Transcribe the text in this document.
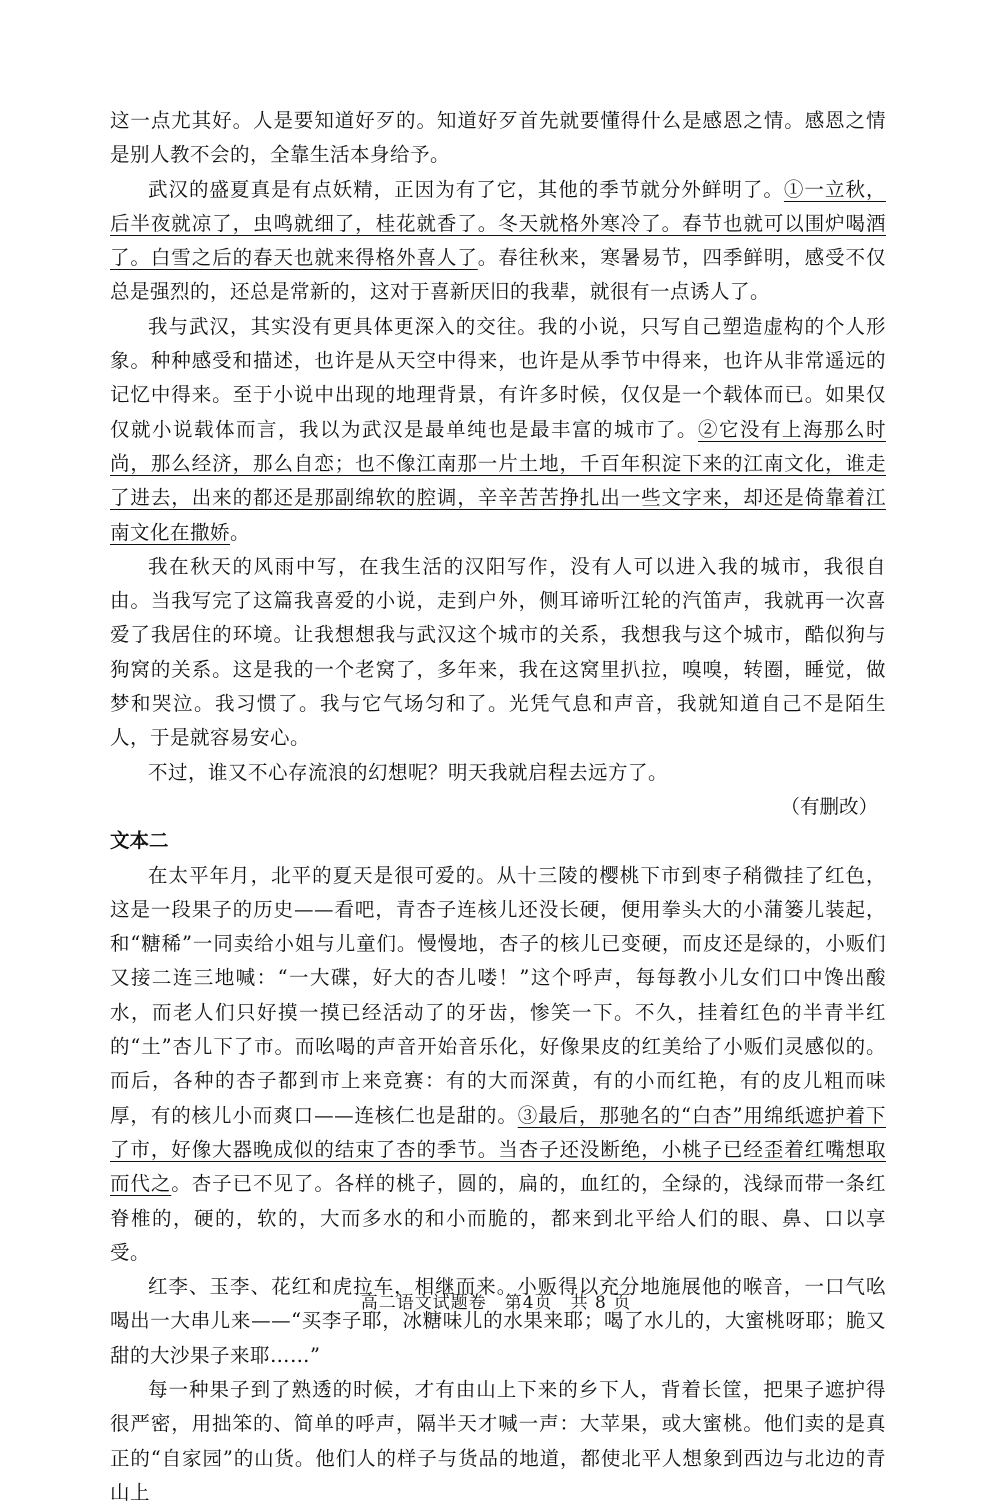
这一点尤其好。人是要知道好歹的。知道好歹首先就要懂得什么是感恩之情。感恩之情是别人教不会的，全靠生活本身给予。

武汉的盛夏真是有点妖精，正因为有了它，其他的季节就分外鲜明了。①一立秋，后半夜就凉了，虫鸣就细了，桂花就香了。冬天就格外寒冷了。春节也就可以围炉喝酒了。白雪之后的春天也就来得格外喜人了。春往秋来，寒暑易节，四季鲜明，感受不仅总是强烈的，还总是常新的，这对于喜新厌旧的我辈，就很有一点诱人了。

我与武汉，其实没有更具体更深入的交往。我的小说，只写自己塑造虚构的个人形象。种种感受和描述，也许是从天空中得来，也许是从季节中得来，也许从非常遥远的记忆中得来。至于小说中出现的地理背景，有许多时候，仅仅是一个载体而已。如果仅仅就小说载体而言，我以为武汉是最单纯也是最丰富的城市了。②它没有上海那么时尚，那么经济，那么自恋；也不像江南那一片土地，千百年积淀下来的江南文化，谁走了进去，出来的都还是那副绵软的腔调，辛辛苦苦挣扎出一些文字来，却还是倚靠着江南文化在撒娇。

我在秋天的风雨中写，在我生活的汉阳写作，没有人可以进入我的城市，我很自由。当我写完了这篇我喜爱的小说，走到户外，侧耳谛听江轮的汽笛声，我就再一次喜爱了我居住的环境。让我想想我与武汉这个城市的关系，我想我与这个城市，酷似狗与狗窝的关系。这是我的一个老窝了，多年来，我在这窝里扒拉，嗅嗅，转圈，睡觉，做梦和哭泣。我习惯了。我与它气场匀和了。光凭气息和声音，我就知道自己不是陌生人，于是就容易安心。

不过，谁又不心存流浪的幻想呢？明天我就启程去远方了。

（有删改）

文本二

在太平年月，北平的夏天是很可爱的。从十三陵的樱桃下市到枣子稍微挂了红色，这是一段果子的历史——看吧，青杏子连核儿还没长硬，便用拳头大的小蒲篓儿装起，和“糖稀”一同卖给小姐与儿童们。慢慢地，杏子的核儿已变硬，而皮还是绿的，小贩们又接二连三地喊：“一大碟，好大的杏儿喽！”这个呼声，每每教小儿女们口中馋出酸水，而老人们只好摸一摸已经活动了的牙齿，惨笑一下。不久，挂着红色的半青半红的“土”杏儿下了市。而吆喝的声音开始音乐化，好像果皮的红美给了小贩们灵感似的。而后，各种的杏子都到市上来竞赛：有的大而深黄，有的小而红艳，有的皮儿粗而味厚，有的核儿小而爽口——连核仁也是甜的。③最后，那驰名的“白杏”用绵纸遮护着下了市，好像大器晚成似的结束了杏的季节。当杏子还没断绝，小桃子已经歪着红嘴想取而代之。杏子已不见了。各样的桃子，圆的，扁的，血红的，全绿的，浅绿而带一条红脊椎的，硬的，软的，大而多水的和小而脆的，都来到北平给人们的眼、鼻、口以享受。

红李、玉李、花红和虎拉车，相继而来。小贩得以充分地施展他的喉音，一口气吆喝出一大串儿来——“买李子耶，冰糖味儿的水果来耶；喝了水儿的，大蜜桃呀耶；脆又甜的大沙果子来耶……”

每一种果子到了熟透的时候，才有由山上下来的乡下人，背着长筐，把果子遮护得很严密，用拙笨的、简单的呼声，隔半天才喊一声：大苹果，或大蜜桃。他们卖的是真正的“自家园”的山货。他们人的样子与货品的地道，都使北平人想象到西边与北边的青山上

高二语文试题卷　第4页　共 8 页
